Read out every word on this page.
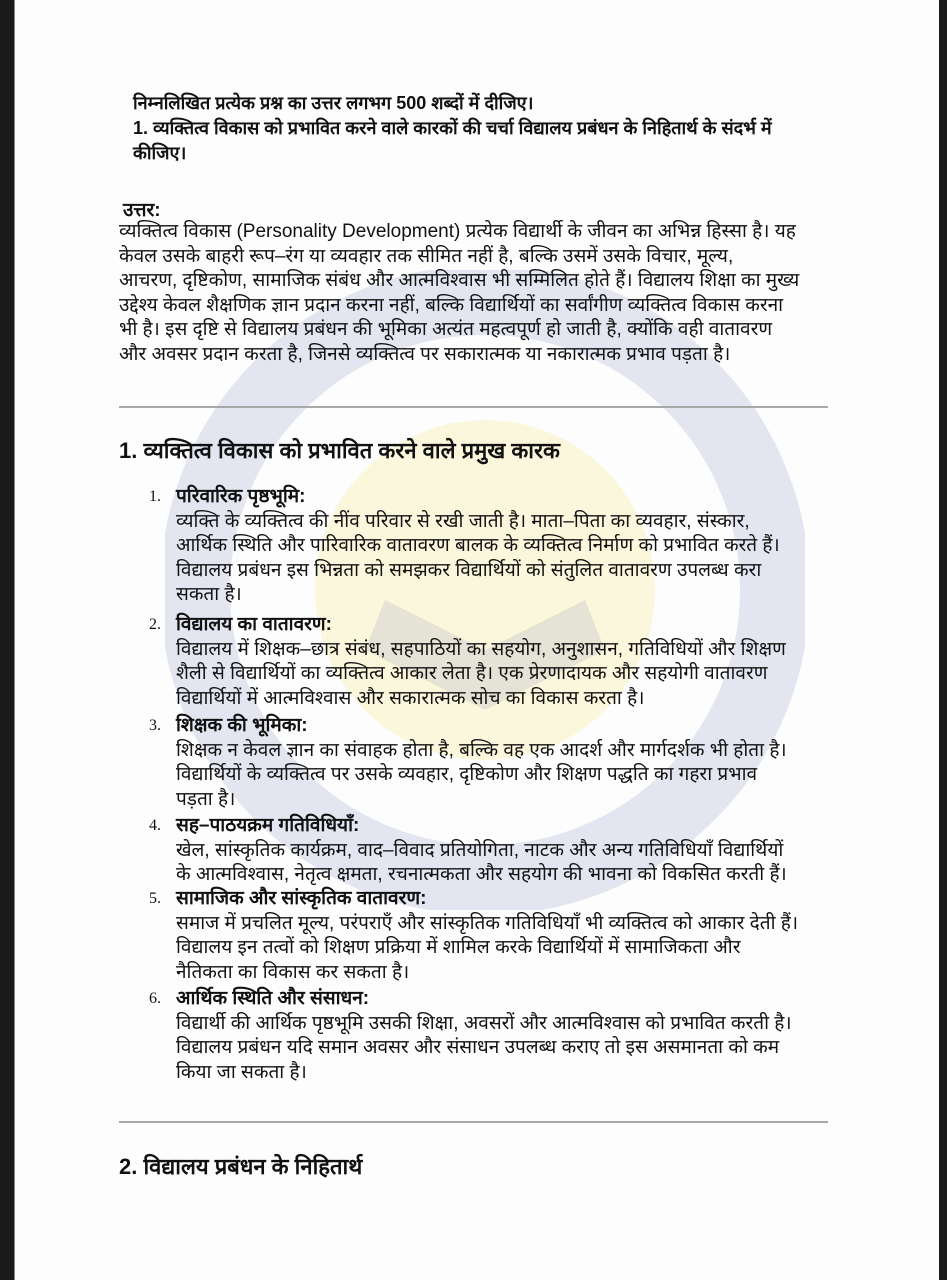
निम्नलिखित प्रत्येक प्रश्न का उत्तर लगभग 500 शब्दों में दीजिए।
1. व्यक्तित्व विकास को प्रभावित करने वाले कारकों की चर्चा विद्यालय प्रबंधन के निहितार्थ के संदर्भ में
कीजिए।
उत्तर:
व्यक्तित्व विकास (Personality Development) प्रत्येक विद्यार्थी के जीवन का अभिन्न हिस्सा है। यह
केवल उसके बाहरी रूप–रंग या व्यवहार तक सीमित नहीं है, बल्कि उसमें उसके विचार, मूल्य,
आचरण, दृष्टिकोण, सामाजिक संबंध और आत्मविश्वास भी सम्मिलित होते हैं। विद्यालय शिक्षा का मुख्य
उद्देश्य केवल शैक्षणिक ज्ञान प्रदान करना नहीं, बल्कि विद्यार्थियों का सर्वांगीण व्यक्तित्व विकास करना
भी है। इस दृष्टि से विद्यालय प्रबंधन की भूमिका अत्यंत महत्वपूर्ण हो जाती है, क्योंकि वही वातावरण
और अवसर प्रदान करता है, जिनसे व्यक्तित्व पर सकारात्मक या नकारात्मक प्रभाव पड़ता है।
1. व्यक्तित्व विकास को प्रभावित करने वाले प्रमुख कारक
1. परिवारिक पृष्ठभूमि:
व्यक्ति के व्यक्तित्व की नींव परिवार से रखी जाती है। माता–पिता का व्यवहार, संस्कार,
आर्थिक स्थिति और पारिवारिक वातावरण बालक के व्यक्तित्व निर्माण को प्रभावित करते हैं।
विद्यालय प्रबंधन इस भिन्नता को समझकर विद्यार्थियों को संतुलित वातावरण उपलब्ध करा
सकता है।
2. विद्यालय का वातावरण:
विद्यालय में शिक्षक–छात्र संबंध, सहपाठियों का सहयोग, अनुशासन, गतिविधियों और शिक्षण
शैली से विद्यार्थियों का व्यक्तित्व आकार लेता है। एक प्रेरणादायक और सहयोगी वातावरण
विद्यार्थियों में आत्मविश्वास और सकारात्मक सोच का विकास करता है।
3. शिक्षक की भूमिका:
शिक्षक न केवल ज्ञान का संवाहक होता है, बल्कि वह एक आदर्श और मार्गदर्शक भी होता है।
विद्यार्थियों के व्यक्तित्व पर उसके व्यवहार, दृष्टिकोण और शिक्षण पद्धति का गहरा प्रभाव
पड़ता है।
4. सह–पाठयक्रम गतिविधियाँ:
खेल, सांस्कृतिक कार्यक्रम, वाद–विवाद प्रतियोगिता, नाटक और अन्य गतिविधियाँ विद्यार्थियों
के आत्मविश्वास, नेतृत्व क्षमता, रचनात्मकता और सहयोग की भावना को विकसित करती हैं।
5. सामाजिक और सांस्कृतिक वातावरण:
समाज में प्रचलित मूल्य, परंपराएँ और सांस्कृतिक गतिविधियाँ भी व्यक्तित्व को आकार देती हैं।
विद्यालय इन तत्वों को शिक्षण प्रक्रिया में शामिल करके विद्यार्थियों में सामाजिकता और
नैतिकता का विकास कर सकता है।
6. आर्थिक स्थिति और संसाधन:
विद्यार्थी की आर्थिक पृष्ठभूमि उसकी शिक्षा, अवसरों और आत्मविश्वास को प्रभावित करती है।
विद्यालय प्रबंधन यदि समान अवसर और संसाधन उपलब्ध कराए तो इस असमानता को कम
किया जा सकता है।
2. विद्यालय प्रबंधन के निहितार्थ
